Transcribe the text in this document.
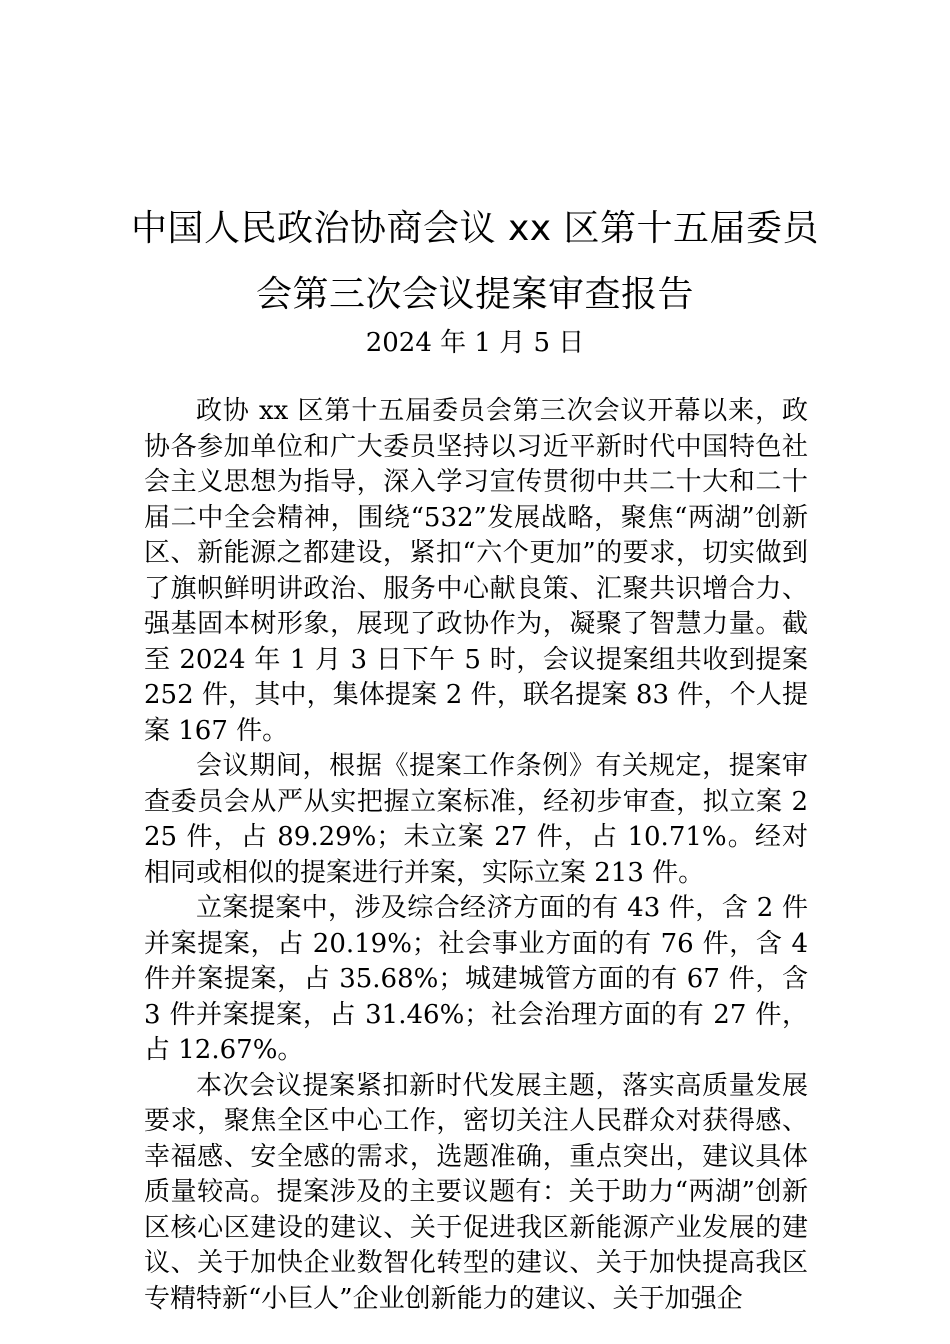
中国人民政治协商会议 xx 区第十五届委员
会第三次会议提案审查报告
2024 年 1 月 5 日

政协 xx 区第十五届委员会第三次会议开幕以来，政协各参加单位和广大委员坚持以习近平新时代中国特色社会主义思想为指导，深入学习宣传贯彻中共二十大和二十届二中全会精神，围绕“532”发展战略，聚焦“两湖”创新区、新能源之都建设，紧扣“六个更加”的要求，切实做到了旗帜鲜明讲政治、服务中心献良策、汇聚共识增合力、强基固本树形象，展现了政协作为，凝聚了智慧力量。截至 2024 年 1 月 3 日下午 5 时，会议提案组共收到提案 252 件，其中，集体提案 2 件，联名提案 83 件，个人提案 167 件。

会议期间，根据《提案工作条例》有关规定，提案审查委员会从严从实把握立案标准，经初步审查，拟立案 225 件，占 89.29%；未立案 27 件，占 10.71%。经对相同或相似的提案进行并案，实际立案 213 件。

立案提案中，涉及综合经济方面的有 43 件，含 2 件并案提案，占 20.19%；社会事业方面的有 76 件，含 4 件并案提案，占 35.68%；城建城管方面的有 67 件，含 3 件并案提案，占 31.46%；社会治理方面的有 27 件，占 12.67%。

本次会议提案紧扣新时代发展主题，落实高质量发展要求，聚焦全区中心工作，密切关注人民群众对获得感、幸福感、安全感的需求，选题准确，重点突出，建议具体质量较高。提案涉及的主要议题有：关于助力“两湖”创新区核心区建设的建议、关于促进我区新能源产业发展的建议、关于加快企业数智化转型的建议、关于加快提高我区专精特新“小巨人”企业创新能力的建议、关于加强企
